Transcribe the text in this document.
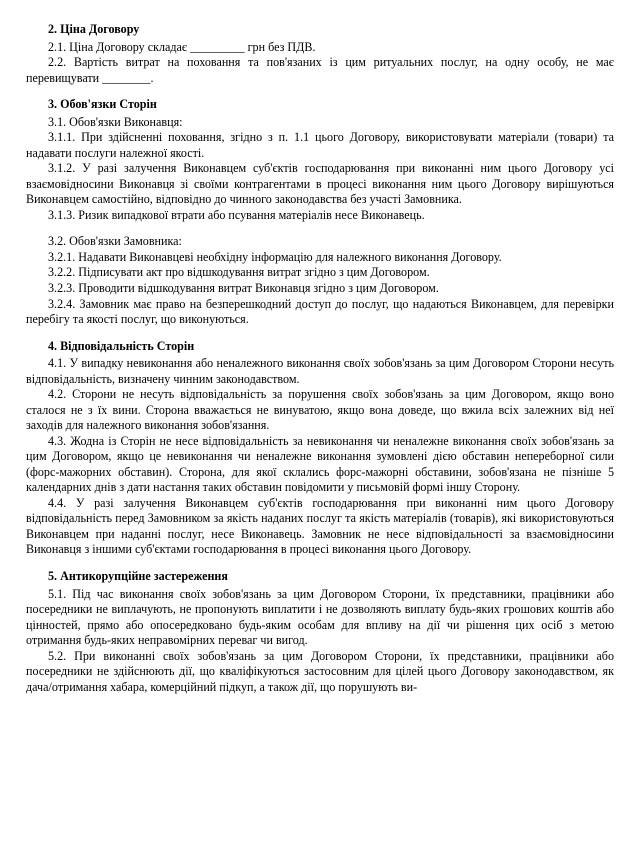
2. Ціна Договору
2.1. Ціна Договору складає _________ грн без ПДВ.
2.2. Вартість витрат на поховання та пов'язаних із цим ритуальних послуг, на одну особу, не має перевищувати ________.
3. Обов'язки Сторін
3.1. Обов'язки Виконавця:
3.1.1. При здійсненні поховання, згідно з п. 1.1 цього Договору, використовувати матеріали (товари) та надавати послуги належної якості.
3.1.2. У разі залучення Виконавцем суб'єктів господарювання при виконанні ним цього Договору усі взаємовідносини Виконавця зі своїми контрагентами в процесі виконання ним цього Договору вирішуються Виконавцем самостійно, відповідно до чинного законодавства без участі Замовника.
3.1.3. Ризик випадкової втрати або псування матеріалів несе Виконавець.
3.2. Обов'язки Замовника:
3.2.1. Надавати Виконавцеві необхідну інформацію для належного виконання Договору.
3.2.2. Підписувати акт про відшкодування витрат згідно з цим Договором.
3.2.3. Проводити відшкодування витрат Виконавця згідно з цим Договором.
3.2.4. Замовник має право на безперешкодний доступ до послуг, що надаються Виконавцем, для перевірки перебігу та якості послуг, що виконуються.
4. Відповідальність Сторін
4.1. У випадку невиконання або неналежного виконання своїх зобов'язань за цим Договором Сторони несуть відповідальність, визначену чинним законодавством.
4.2. Сторони не несуть відповідальність за порушення своїх зобов'язань за цим Договором, якщо воно сталося не з їх вини. Сторона вважається не винуватою, якщо вона доведе, що вжила всіх залежних від неї заходів для належного виконання зобов'язання.
4.3. Жодна із Сторін не несе відповідальність за невиконання чи неналежне виконання своїх зобов'язань за цим Договором, якщо це невиконання чи неналежне виконання зумовлені дією обставин непереборної сили (форс-мажорних обставин). Сторона, для якої склались форс-мажорні обставини, зобов'язана не пізніше 5 календарних днів з дати настання таких обставин повідомити у письмовій формі іншу Сторону.
4.4. У разі залучення Виконавцем суб'єктів господарювання при виконанні ним цього Договору відповідальність перед Замовником за якість наданих послуг та якість матеріалів (товарів), які використовуються Виконавцем при наданні послуг, несе Виконавець. Замовник не несе відповідальності за взаємовідносини Виконавця з іншими суб'єктами господарювання в процесі виконання цього Договору.
5. Антикорупційне застереження
5.1. Під час виконання своїх зобов'язань за цим Договором Сторони, їх представники, працівники або посередники не виплачують, не пропонують виплатити і не дозволяють виплату будь-яких грошових коштів або цінностей, прямо або опосередковано будь-яким особам для впливу на дії чи рішення цих осіб з метою отримання будь-яких неправомірних переваг чи вигод.
5.2. При виконанні своїх зобов'язань за цим Договором Сторони, їх представники, працівники або посередники не здійснюють дії, що кваліфікуються застосовним для цілей цього Договору законодавством, як дача/отримання хабара, комерційний підкуп, а також дії, що порушують ви-
